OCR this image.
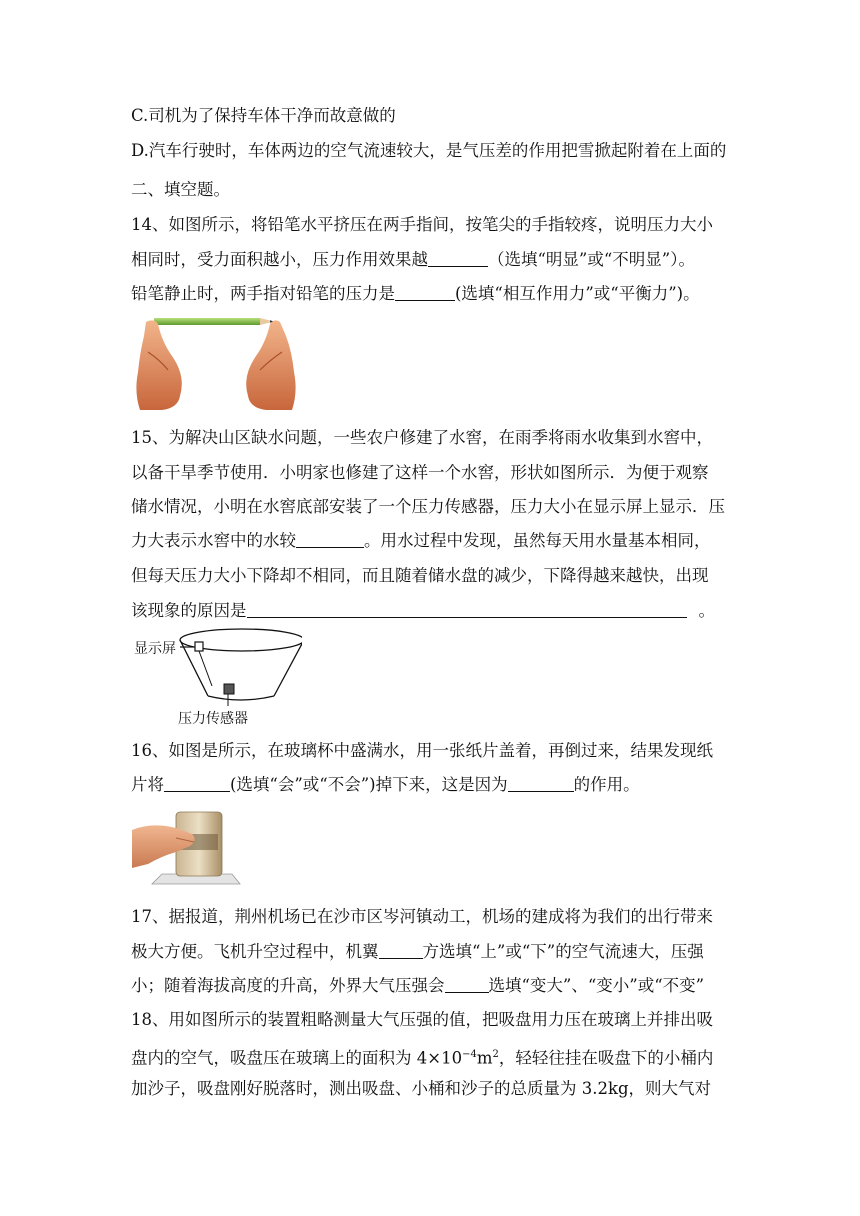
C.司机为了保持车体干净而故意做的
D.汽车行驶时，车体两边的空气流速较大，是气压差的作用把雪掀起附着在上面的
二、填空题。
14、如图所示，将铅笔水平挤压在两手指间，按笔尖的手指较疼，说明压力大小
相同时，受力面积越小，压力作用效果越	（选填“明显”或“不明显”）。
铅笔静止时，两手指对铅笔的压力是	(选填“相互作用力”或“平衡力”)。
15、为解决山区缺水问题，一些农户修建了水窖，在雨季将雨水收集到水窖中，
以备干旱季节使用．小明家也修建了这样一个水窖，形状如图所示．为便于观察
储水情况，小明在水窖底部安装了一个压力传感器，压力大小在显示屏上显示．压
力大表示水窖中的水较	。用水过程中发现，虽然每天用水量基本相同，
但每天压力大小下降却不相同，而且随着储水盘的减少，下降得越来越快，出现
该现象的原因是	。
显示屏
压力传感器
16、如图是所示，在玻璃杯中盛满水，用一张纸片盖着，再倒过来，结果发现纸
片将	(选填“会”或“不会”)掉下来，这是因为	的作用。
17、据报道，荆州机场已在沙市区岑河镇动工，机场的建成将为我们的出行带来
极大方便。飞机升空过程中，机翼	方选填“上”或“下”的空气流速大，压强
小；随着海拔高度的升高，外界大气压强会	选填“变大”、“变小”或“不变”
18、用如图所示的装置粗略测量大气压强的值，把吸盘用力压在玻璃上并排出吸
盘内的空气，吸盘压在玻璃上的面积为 $4\times 10^{-4}m^2$，轻轻往挂在吸盘下的小桶内
加沙子，吸盘刚好脱落时，测出吸盘、小桶和沙子的总质量为 3.2kg，则大气对
